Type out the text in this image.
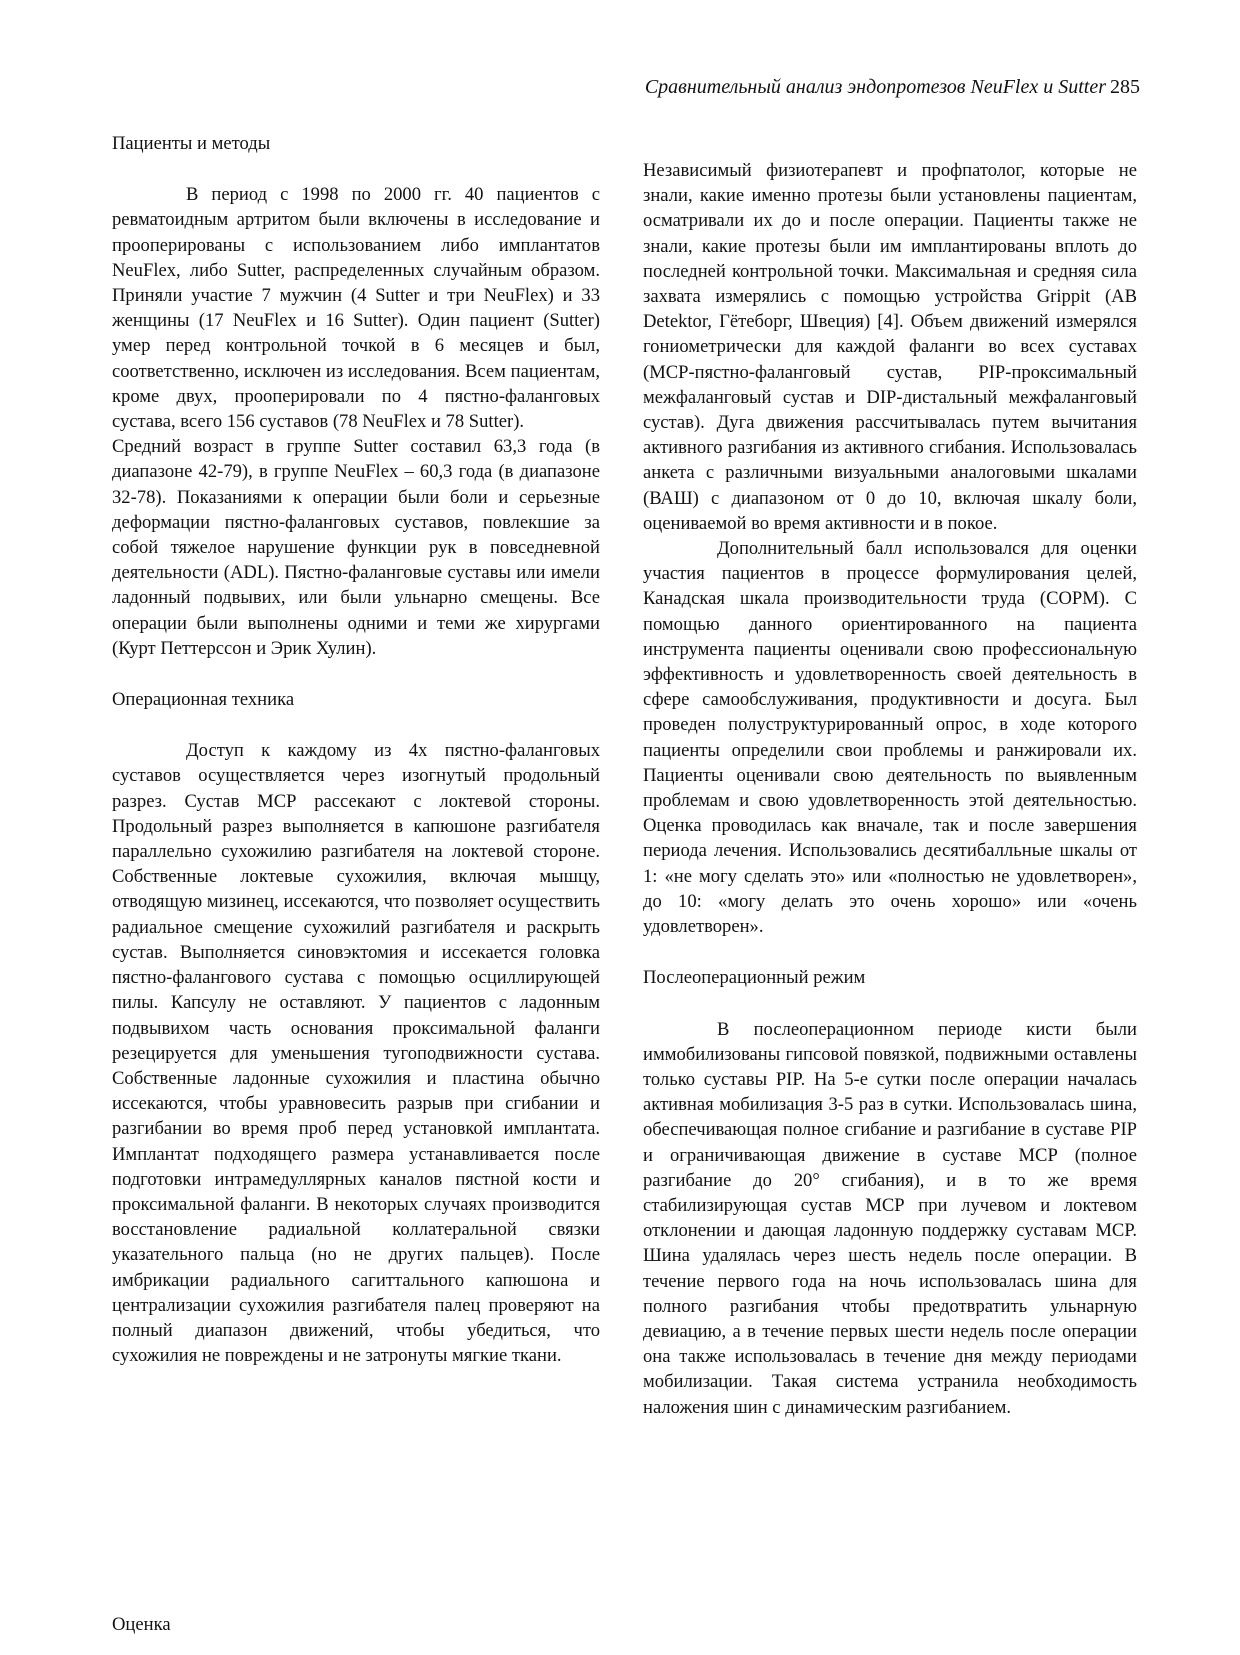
Сравнительный анализ эндопротезов NeuFlex и Sutter 285
Пациенты и методы

В период с 1998 по 2000 гг. 40 пациентов с ревматоидным артритом были включены в исследование и прооперированы с использованием либо имплантатов NeuFlex, либо Sutter, распределенных случайным образом. Приняли участие 7 мужчин (4 Sutter и три NeuFlex) и 33 женщины (17 NeuFlex и 16 Sutter). Один пациент (Sutter) умер перед контрольной точкой в 6 месяцев и был, соответственно, исключен из исследования. Всем пациентам, кроме двух, прооперировали по 4 пястно-фаланговых сустава, всего 156 суставов (78 NeuFlex и 78 Sutter).

Средний возраст в группе Sutter составил 63,3 года (в диапазоне 42-79), в группе NeuFlex – 60,3 года (в диапазоне 32-78). Показаниями к операции были боли и серьезные деформации пястно-фаланговых суставов, повлекшие за собой тяжелое нарушение функции рук в повседневной деятельности (ADL). Пястно-фаланговые суставы или имели ладонный подвывих, или были ульнарно смещены. Все операции были выполнены одними и теми же хирургами (Курт Петтерссон и Эрик Хулин).

Операционная техника

Доступ к каждому из 4х пястно-фаланговых суставов осуществляется через изогнутый продольный разрез. Сустав МСР рассекают с локтевой стороны. Продольный разрез выполняется в капюшоне разгибателя параллельно сухожилию разгибателя на локтевой стороне. Собственные локтевые сухожилия, включая мышцу, отводящую мизинец, иссекаются, что позволяет осуществить радиальное смещение сухожилий разгибателя и раскрыть сустав. Выполняется синовэктомия и иссекается головка пястно-фалангового сустава с помощью осциллирующей пилы. Капсулу не оставляют. У пациентов с ладонным подвывихом часть основания проксимальной фаланги резецируется для уменьшения тугоподвижности сустава. Собственные ладонные сухожилия и пластина обычно иссекаются, чтобы уравновесить разрыв при сгибании и разгибании во время проб перед установкой имплантата. Имплантат подходящего размера устанавливается после подготовки интрамедуллярных каналов пястной кости и проксимальной фаланги. В некоторых случаях производится восстановление радиальной коллатеральной связки указательного пальца (но не других пальцев). После имбрикации радиального сагиттального капюшона и централизации сухожилия разгибателя палец проверяют на полный диапазон движений, чтобы убедиться, что сухожилия не повреждены и не затронуты мягкие ткани.

Оценка

Независимый физиотерапевт и профпатолог, которые не знали, какие именно протезы были установлены пациентам, осматривали их до и после операции. Пациенты также не знали, какие протезы были им имплантированы вплоть до последней контрольной точки. Максимальная и средняя сила захвата измерялись с помощью устройства Grippit (AB Detektor, Гётеборг, Швеция) [4]. Объем движений измерялся гониометрически для каждой фаланги во всех суставах (МСР-пястно-фаланговый сустав, PIP-проксимальный межфаланговый сустав и DIP-дистальный межфаланговый сустав). Дуга движения рассчитывалась путем вычитания активного разгибания из активного сгибания. Использовалась анкета с различными визуальными аналоговыми шкалами (ВАШ) с диапазоном от 0 до 10, включая шкалу боли, оцениваемой во время активности и в покое.

Дополнительный балл использовался для оценки участия пациентов в процессе формулирования целей, Канадская шкала производительности труда (COPM). С помощью данного ориентированного на пациента инструмента пациенты оценивали свою профессиональную эффективность и удовлетворенность своей деятельность в сфере самообслуживания, продуктивности и досуга. Был проведен полуструктурированный опрос, в ходе которого пациенты определили свои проблемы и ранжировали их. Пациенты оценивали свою деятельность по выявленным проблемам и свою удовлетворенность этой деятельностью. Оценка проводилась как вначале, так и после завершения периода лечения. Использовались десятибалльные шкалы от 1: «не могу сделать это» или «полностью не удовлетворен», до 10: «могу делать это очень хорошо» или «очень удовлетворен».

Послеоперационный режим

В послеоперационном периоде кисти были иммобилизованы гипсовой повязкой, подвижными оставлены только суставы PIP. На 5-е сутки после операции началась активная мобилизация 3-5 раз в сутки. Использовалась шина, обеспечивающая полное сгибание и разгибание в суставе PIP и ограничивающая движение в суставе МСР (полное разгибание до 20° сгибания), и в то же время стабилизирующая сустав МСР при лучевом и локтевом отклонении и дающая ладонную поддержку суставам МСР. Шина удалялась через шесть недель после операции. В течение первого года на ночь использовалась шина для полного разгибания чтобы предотвратить ульнарную девиацию, а в течение первых шести недель после операции она также использовалась в течение дня между периодами мобилизации. Такая система устранила необходимость наложения шин с динамическим разгибанием.
